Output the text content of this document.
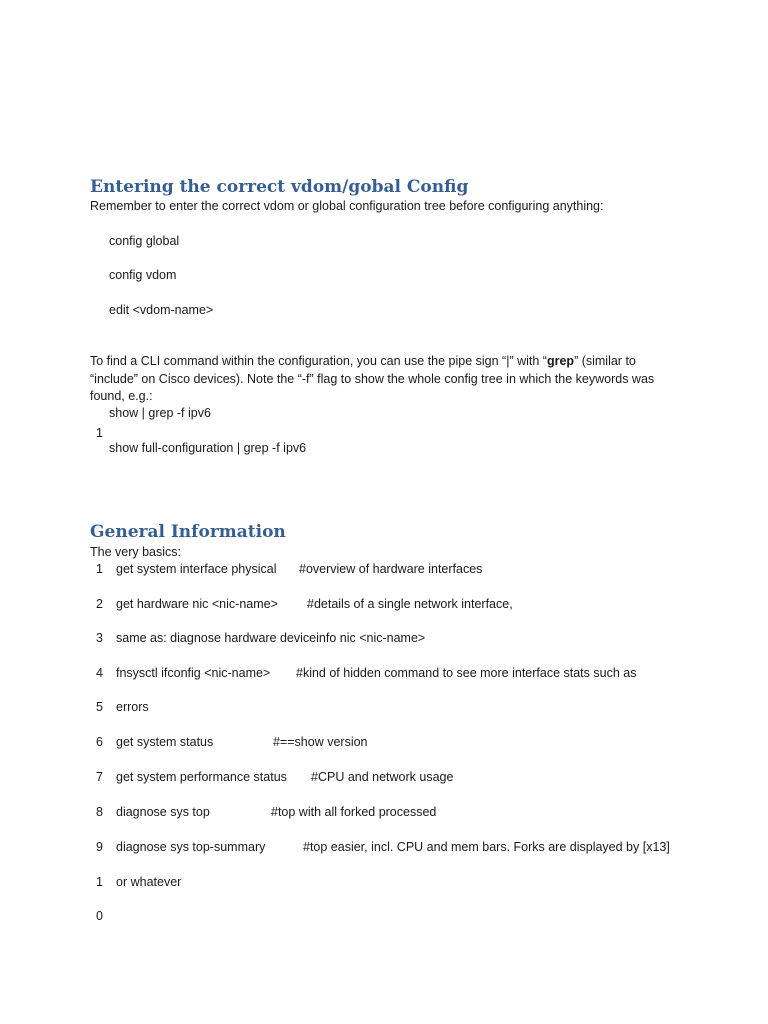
Entering the correct vdom/gobal Config
Remember to enter the correct vdom or global configuration tree before configuring anything:
config global
config vdom
edit <vdom-name>
To find a CLI command within the configuration, you can use the pipe sign “|” with “grep” (similar to
“include” on Cisco devices). Note the “-f” flag to show the whole config tree in which the keywords was
found, e.g.:
show | grep -f ipv6
1
show full-configuration | grep -f ipv6
General Information
The very basics:
1 get system interface physical #overview of hardware interfaces
2 get hardware nic <nic-name> #details of a single network interface,
3 same as: diagnose hardware deviceinfo nic <nic-name>
4 fnsysctl ifconfig <nic-name> #kind of hidden command to see more interface stats such as
5 errors
6 get system status	#==show version
7 get system performance status #CPU and network usage
8 diagnose sys top	#top with all forked processed
9 diagnose sys top-summary	#top easier, incl. CPU and mem bars. Forks are displayed by [x13]
1 or whatever
0
